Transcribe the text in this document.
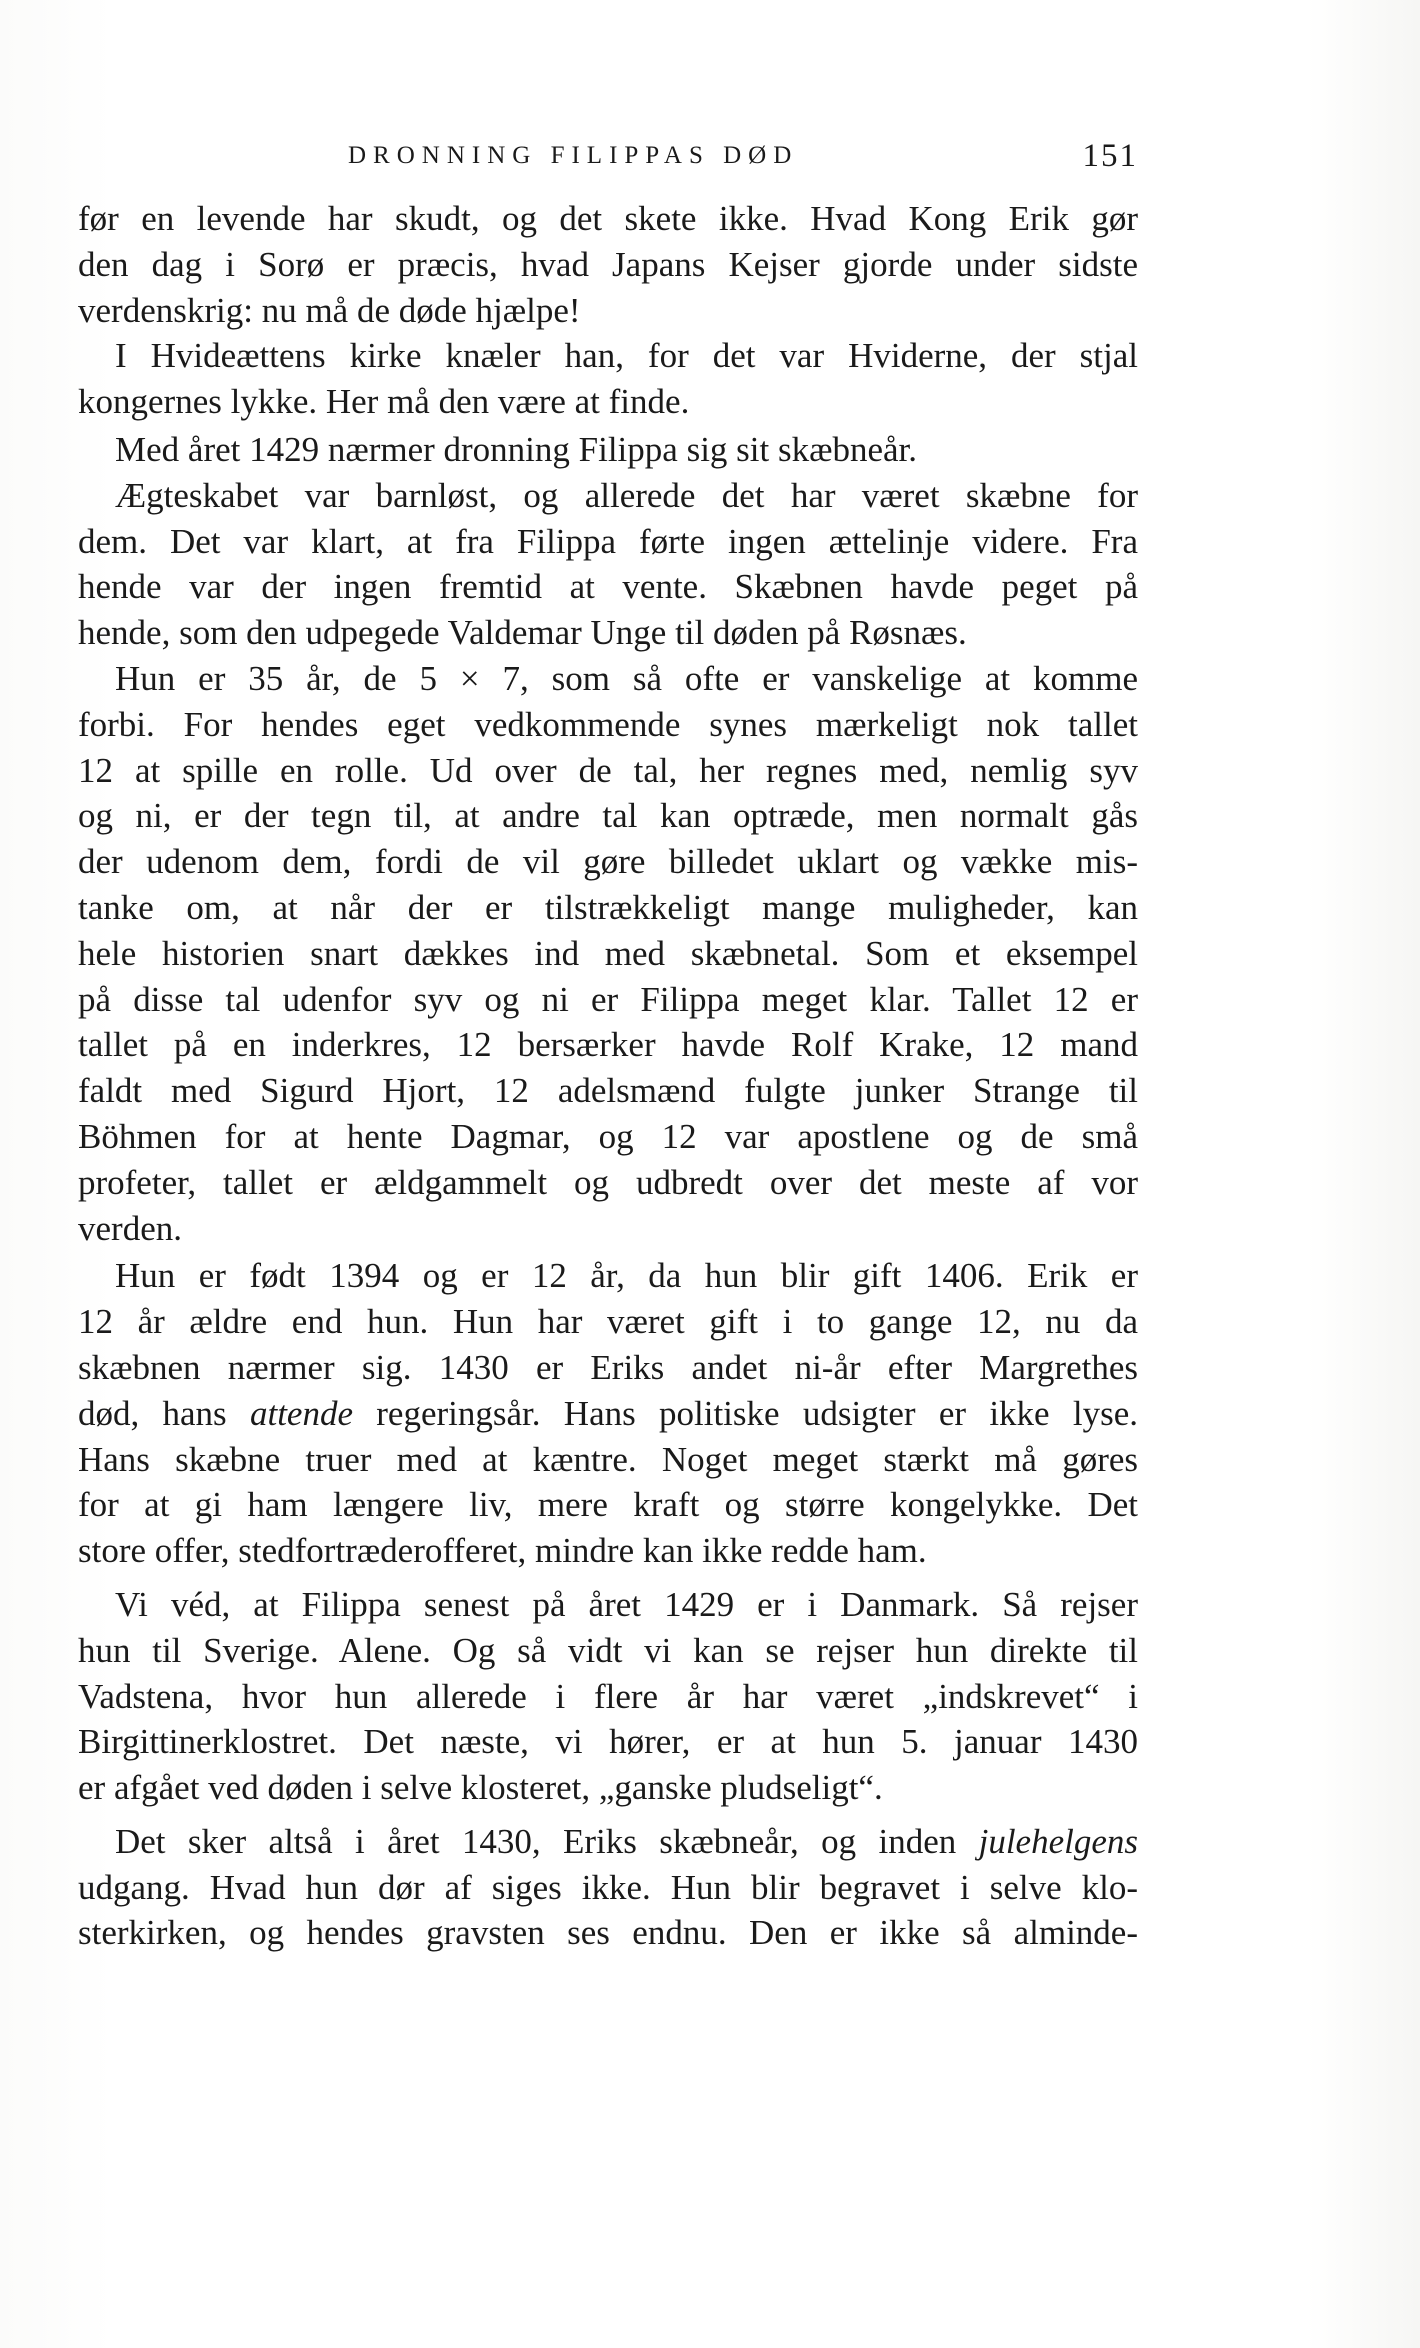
DRONNING FILIPPAS DØD	151
før en levende har skudt, og det skete ikke. Hvad Kong Erik gør
den dag i Sorø er præcis, hvad Japans Kejser gjorde under sidste
verdenskrig: nu må de døde hjælpe!
I Hvideættens kirke knæler han, for det var Hviderne, der stjal
kongernes lykke. Her må den være at finde.
Med året 1429 nærmer dronning Filippa sig sit skæbneår.
Ægteskabet var barnløst, og allerede det har været skæbne for
dem. Det var klart, at fra Filippa førte ingen ættelinje videre. Fra
hende var der ingen fremtid at vente. Skæbnen havde peget på
hende, som den udpegede Valdemar Unge til døden på Røsnæs.
Hun er 35 år, de 5 × 7, som så ofte er vanskelige at komme
forbi. For hendes eget vedkommende synes mærkeligt nok tallet
12 at spille en rolle. Ud over de tal, her regnes med, nemlig syv
og ni, er der tegn til, at andre tal kan optræde, men normalt gås
der udenom dem, fordi de vil gøre billedet uklart og vække mis-
tanke om, at når der er tilstrækkeligt mange muligheder, kan
hele historien snart dækkes ind med skæbnetal. Som et eksempel
på disse tal udenfor syv og ni er Filippa meget klar. Tallet 12 er
tallet på en inderkres, 12 bersærker havde Rolf Krake, 12 mand
faldt med Sigurd Hjort, 12 adelsmænd fulgte junker Strange til
Böhmen for at hente Dagmar, og 12 var apostlene og de små
profeter, tallet er ældgammelt og udbredt over det meste af vor
verden.
Hun er født 1394 og er 12 år, da hun blir gift 1406. Erik er
12 år ældre end hun. Hun har været gift i to gange 12, nu da
skæbnen nærmer sig. 1430 er Eriks andet ni-år efter Margrethes
død, hans attende regeringsår. Hans politiske udsigter er ikke lyse.
Hans skæbne truer med at kæntre. Noget meget stærkt må gøres
for at gi ham længere liv, mere kraft og større kongelykke. Det
store offer, stedfortræderofferet, mindre kan ikke redde ham.
Vi véd, at Filippa senest på året 1429 er i Danmark. Så rejser
hun til Sverige. Alene. Og så vidt vi kan se rejser hun direkte til
Vadstena, hvor hun allerede i flere år har været „indskrevet“ i
Birgittinerklostret. Det næste, vi hører, er at hun 5. januar 1430
er afgået ved døden i selve klosteret, „ganske pludseligt“.
Det sker altså i året 1430, Eriks skæbneår, og inden julehelgens
udgang. Hvad hun dør af siges ikke. Hun blir begravet i selve klo-
sterkirken, og hendes gravsten ses endnu. Den er ikke så alminde-
